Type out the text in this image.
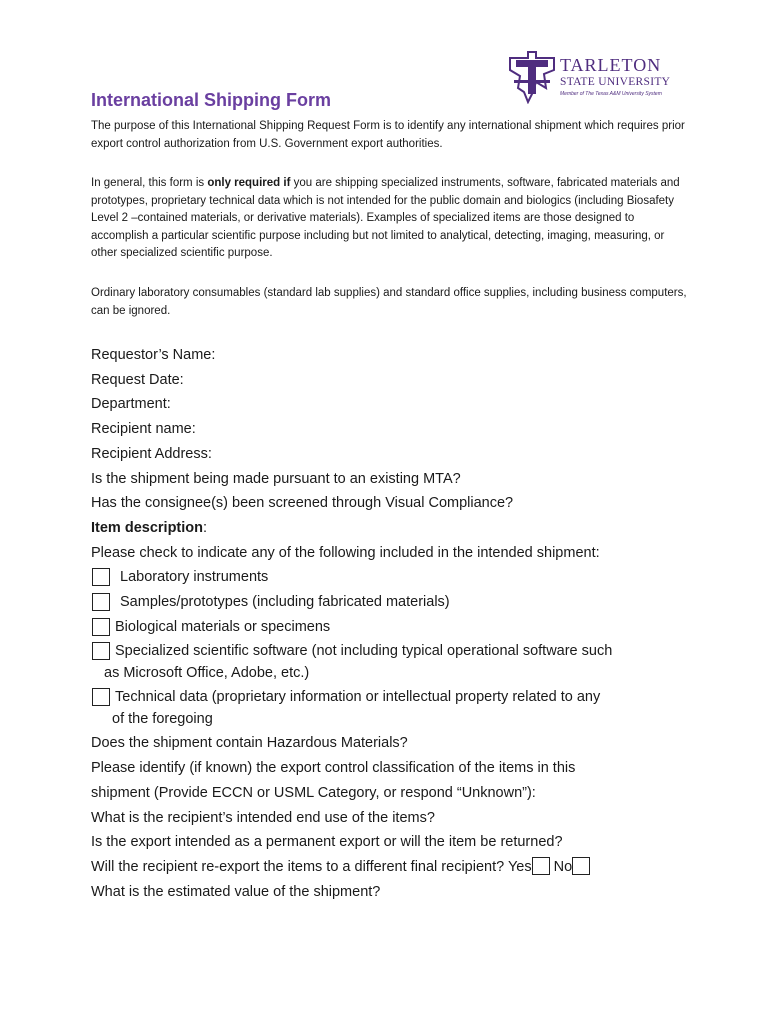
TARLETON
STATE UNIVERSITY
Member of The Texas A&M University System
International Shipping Form
The purpose of this International Shipping Request Form is to identify any international shipment which requires prior export control authorization from U.S. Government export authorities.
In general, this form is only required if you are shipping specialized instruments, software, fabricated materials and prototypes, proprietary technical data which is not intended for the public domain and biologics (including Biosafety Level 2 –contained materials, or derivative materials). Examples of specialized items are those designed to accomplish a particular scientific purpose including but not limited to analytical, detecting, imaging, measuring, or other specialized scientific purpose.
Ordinary laboratory consumables (standard lab supplies) and standard office supplies, including business computers, can be ignored.
Requestor’s Name:
Request Date:
Department:
Recipient name:
Recipient Address:
Is the shipment being made pursuant to an existing MTA?
Has the consignee(s) been screened through Visual Compliance?
Item description:
Please check to indicate any of the following included in the intended shipment:
Laboratory instruments
Samples/prototypes (including fabricated materials)
Biological materials or specimens
Specialized scientific software (not including typical operational software such
as Microsoft Office, Adobe, etc.)
Technical data (proprietary information or intellectual property related to any
of the foregoing
Does the shipment contain Hazardous Materials?
Please identify (if known) the export control classification of the items in this
shipment (Provide ECCN or USML Category, or respond “Unknown”):
What is the recipient’s intended end use of the items?
Is the export intended as a permanent export or will the item be returned?
Will the recipient re-export the items to a different final recipient? Yes No
What is the estimated value of the shipment?
